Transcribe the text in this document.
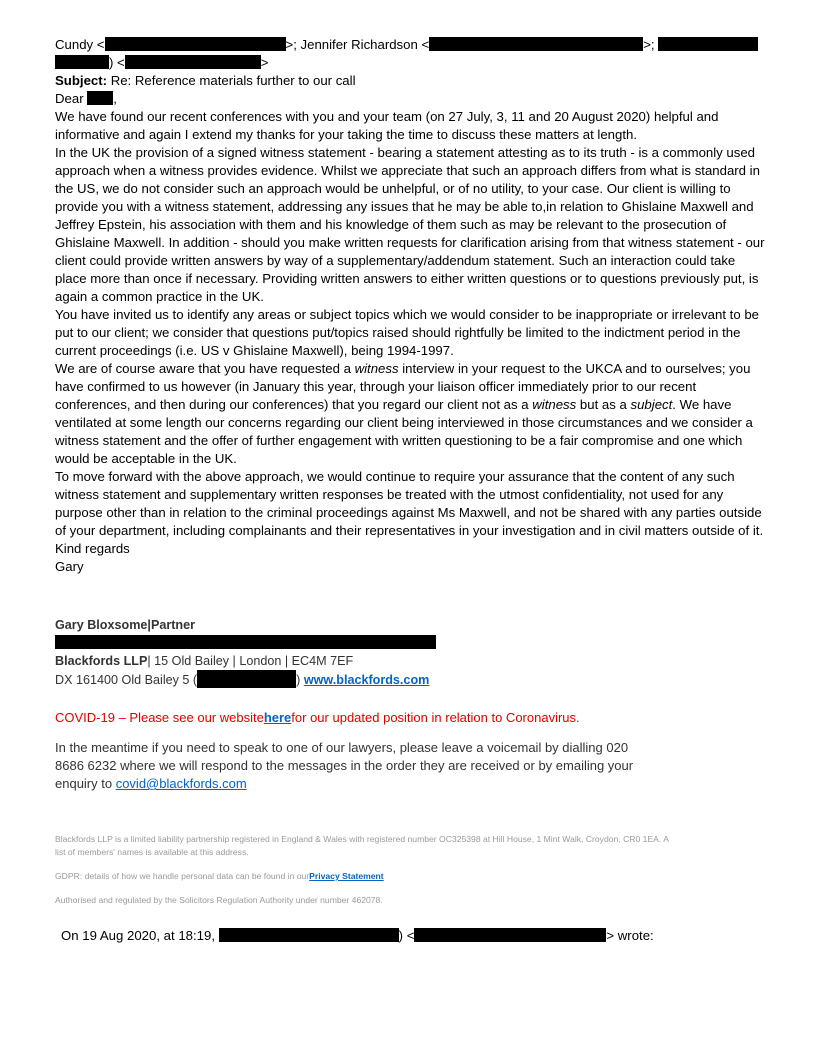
Cundy <	>; Jennifer Richardson <	>;
) <	>
Subject: Re: Reference materials further to our call
Dear ,

We have found our recent conferences with you and your team (on 27 July, 3, 11 and 20 August 2020) helpful and informative and again I extend my thanks for your taking the time to discuss these matters at length.

In the UK the provision of a signed witness statement - bearing a statement attesting as to its truth - is a commonly used approach when a witness provides evidence. Whilst we appreciate that such an approach differs from what is standard in the US, we do not consider such an approach would be unhelpful, or of no utility, to your case. Our client is willing to provide you with a witness statement, addressing any issues that he may be able to,in relation to Ghislaine Maxwell and Jeffrey Epstein, his association with them and his knowledge of them such as may be relevant to the prosecution of Ghislaine Maxwell. In addition - should you make written requests for clarification arising from that witness statement - our client could provide written answers by way of a supplementary/addendum statement. Such an interaction could take place more than once if necessary. Providing written answers to either written questions or to questions previously put, is again a common practice in the UK.

You have invited us to identify any areas or subject topics which we would consider to be inappropriate or irrelevant to be put to our client; we consider that questions put/topics raised should rightfully be limited to the indictment period in the current proceedings (i.e. US v Ghislaine Maxwell), being 1994-1997.

We are of course aware that you have requested a witness interview in your request to the UKCA and to ourselves; you have confirmed to us however (in January this year, through your liaison officer immediately prior to our recent conferences, and then during our conferences) that you regard our client not as a witness but as a subject. We have ventilated at some length our concerns regarding our client being interviewed in those circumstances and we consider a witness statement and the offer of further engagement with written questioning to be a fair compromise and one which would be acceptable in the UK.

To move forward with the above approach, we would continue to require your assurance that the content of any such witness statement and supplementary written responses be treated with the utmost confidentiality, not used for any purpose other than in relation to the criminal proceedings against Ms Maxwell, and not be shared with any parties outside of your department, including complainants and their representatives in your investigation and in civil matters outside of it.

Kind regards
Gary
Gary Bloxsome|Partner
Blackfords LLP| 15 Old Bailey | London | EC4M 7EF
DX 161400 Old Bailey 5 (	) www.blackfords.com
COVID-19 – Please see our websiteherefor our updated position in relation to Coronavirus.
In the meantime if you need to speak to one of our lawyers, please leave a voicemail by dialling 020 8686 6232 where we will respond to the messages in the order they are received or by emailing your enquiry to covid@blackfords.com

Blackfords LLP is a limited liability partnership registered in England & Wales with registered number OC325398 at Hill House, 1 Mint Walk, Croydon, CR0 1EA. A list of members' names is available at this address.

GDPR: details of how we handle personal data can be found in ourPrivacy Statement

Authorised and regulated by the Solicitors Regulation Authority under number 462078.

On 19 Aug 2020, at 18:19,	) <	> wrote:
